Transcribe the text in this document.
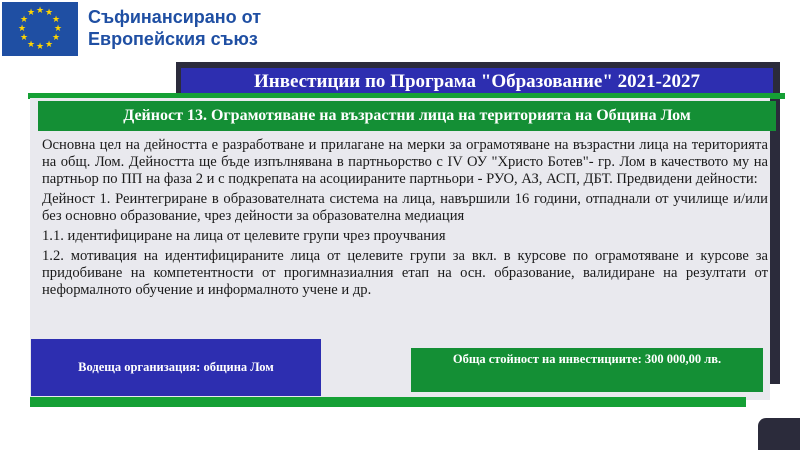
★ ★
★
★
★
★
★
★
★
★
★
★	Съфинансирано от
Европейския съюз
Инвестиции по Програма "Образование" 2021-2027
Дейност 13. Ограмотяване на възрастни лица на територията на Община Лом

Основна цел на дейността е разработване и прилагане на мерки за ограмотяване на възрастни лица на територията на общ. Лом. Дейността ще бъде изпълнявана в партньорство с IV ОУ "Христо Ботев"- гр. Лом в качеството му на партньор по ПП на фаза 2 и с подкрепата на асоциираните партньори - РУО, АЗ, АСП, ДБТ. Предвидени дейности:

Дейност 1. Реинтегриране в образователната система на лица, навършили 16 години, отпаднали от училище и/или без основно образование, чрез дейности за образователна медиация

1.1. идентифициране на лица от целевите групи чрез проучвания

1.2. мотивация на идентифицираните лица от целевите групи за вкл. в курсове по ограмотяване и курсове за придобиване на компетентности от прогимназиалния етап на осн. образование, валидиране на резултати от неформалното обучение и информалното учене и др.

Водеща организация: община Лом
Обща стойност на инвестициите: 300 000,00 лв.
